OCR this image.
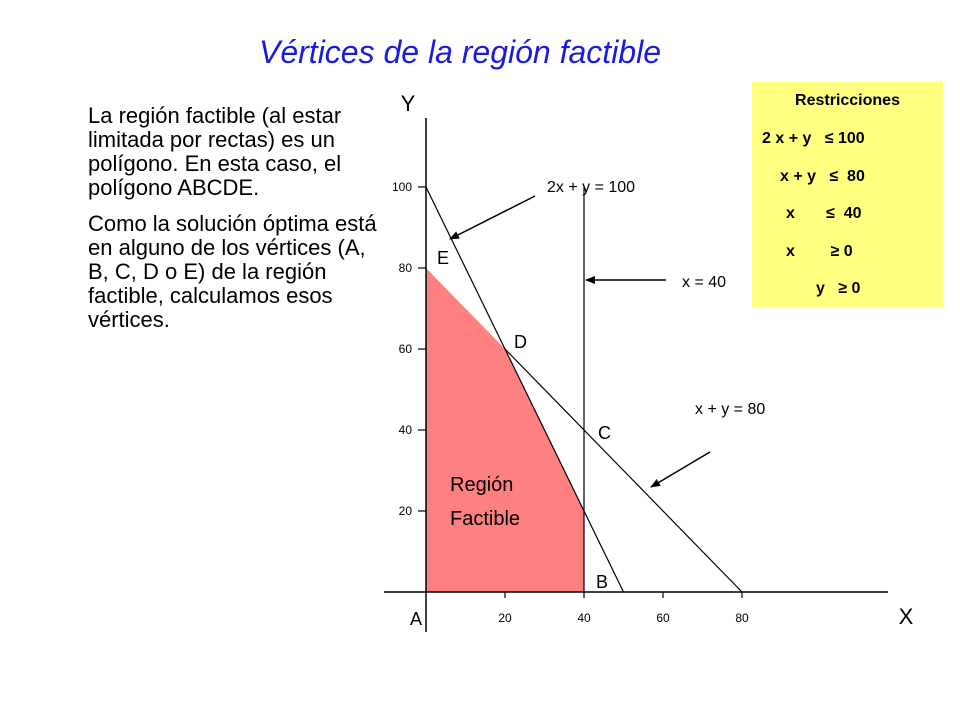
Vértices de la región factible

La región factible (al estar limitada por rectas) es un polígono. En esta caso, el polígono ABCDE.

Como la solución óptima está en alguno de los vértices (A, B, C, D o E) de la región factible, calculamos esos vértices.

Restricciones
2 x + y   ≤ 100
x + y   ≤  80
x       ≤  40
x        ≥ 0
y   ≥ 0
20
40
60
80
100
20	40	60	80
Y
X
Región
Factible
2x + y = 100
x = 40
x + y = 80
A
B
C
D
E
